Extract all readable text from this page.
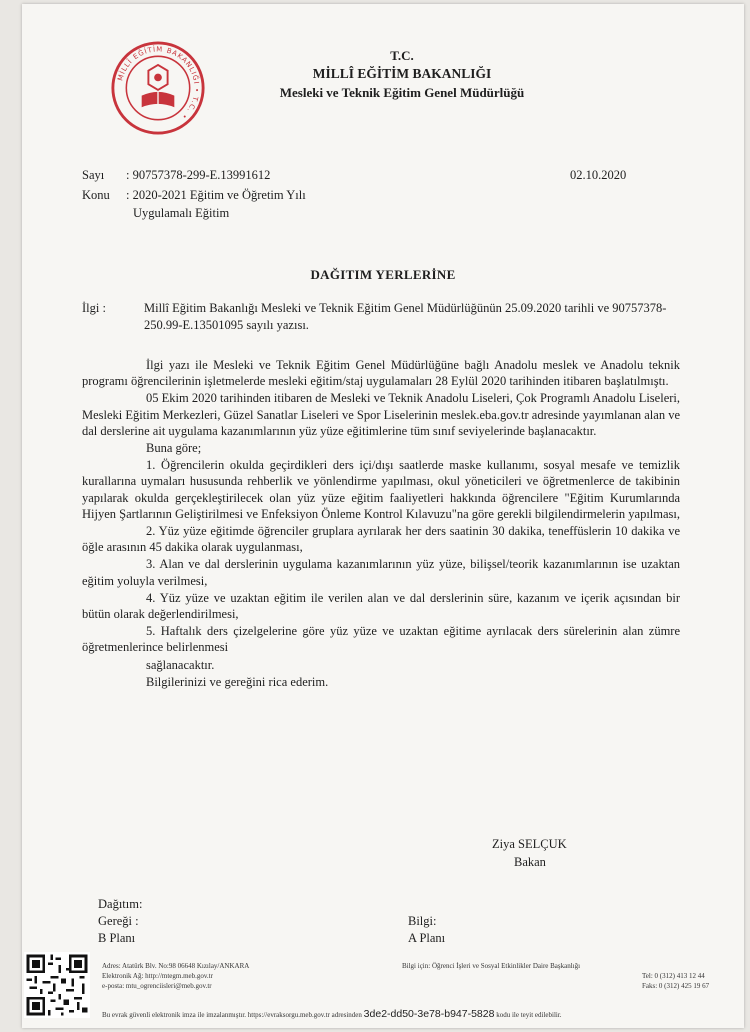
MİLLÎ EĞİTİM BAKANLIĞI • T.C. •
T.C.
MİLLÎ EĞİTİM BAKANLIĞI
Mesleki ve Teknik Eğitim Genel Müdürlüğü
Sayı : 90757378-299-E.13991612	02.10.2020
Konu : 2020-2021 Eğitim ve Öğretim Yılı
Uygulamalı Eğitim
DAĞITIM YERLERİNE
İlgi :	Millî Eğitim Bakanlığı Mesleki ve Teknik Eğitim Genel Müdürlüğünün 25.09.2020 tarihli ve 90757378-250.99-E.13501095 sayılı yazısı.

İlgi yazı ile Mesleki ve Teknik Eğitim Genel Müdürlüğüne bağlı Anadolu meslek ve Anadolu teknik programı öğrencilerinin işletmelerde mesleki eğitim/staj uygulamaları 28 Eylül 2020 tarihinden itibaren başlatılmıştı.

05 Ekim 2020 tarihinden itibaren de Mesleki ve Teknik Anadolu Liseleri, Çok Programlı Anadolu Liseleri, Mesleki Eğitim Merkezleri, Güzel Sanatlar Liseleri ve Spor Liselerinin meslek.eba.gov.tr adresinde yayımlanan alan ve dal derslerine ait uygulama kazanımlarının yüz yüze eğitimlerine tüm sınıf seviyelerinde başlanacaktır.

Buna göre;

1. Öğrencilerin okulda geçirdikleri ders içi/dışı saatlerde maske kullanımı, sosyal mesafe ve temizlik kurallarına uymaları hususunda rehberlik ve yönlendirme yapılması, okul yöneticileri ve öğretmenlerce de takibinin yapılarak okulda gerçekleştirilecek olan yüz yüze eğitim faaliyetleri hakkında öğrencilere "Eğitim Kurumlarında Hijyen Şartlarının Geliştirilmesi ve Enfeksiyon Önleme Kontrol Kılavuzu"na göre gerekli bilgilendirmelerin yapılması,

2. Yüz yüze eğitimde öğrenciler gruplara ayrılarak her ders saatinin 30 dakika, teneffüslerin 10 dakika ve öğle arasının 45 dakika olarak uygulanması,

3. Alan ve dal derslerinin uygulama kazanımlarının yüz yüze, bilişsel/teorik kazanımlarının ise uzaktan eğitim yoluyla verilmesi,

4. Yüz yüze ve uzaktan eğitim ile verilen alan ve dal derslerinin süre, kazanım ve içerik açısından bir bütün olarak değerlendirilmesi,

5. Haftalık ders çizelgelerine göre yüz yüze ve uzaktan eğitime ayrılacak ders sürelerinin alan zümre öğretmenlerince belirlenmesi

sağlanacaktır.

Bilgilerinizi ve gereğini rica ederim.

Ziya SELÇUK
Bakan
Dağıtım:
Gereği :
B Planı
Bilgi:
A Planı
Adres: Atatürk Blv. No:98 06648 Kızılay/ANKARA
Elektronik Ağ: http://mtegm.meb.gov.tr
e-posta: mtu_ogrenciisleri@meb.gov.tr
Bilgi için: Öğrenci İşleri ve Sosyal Etkinlikler Daire Başkanlığı
Tel: 0 (312) 413 12 44
Faks: 0 (312) 425 19 67
Bu evrak güvenli elektronik imza ile imzalanmıştır. https://evraksorgu.meb.gov.tr adresinden 3de2-dd50-3e78-b947-5828 kodu ile teyit edilebilir.
